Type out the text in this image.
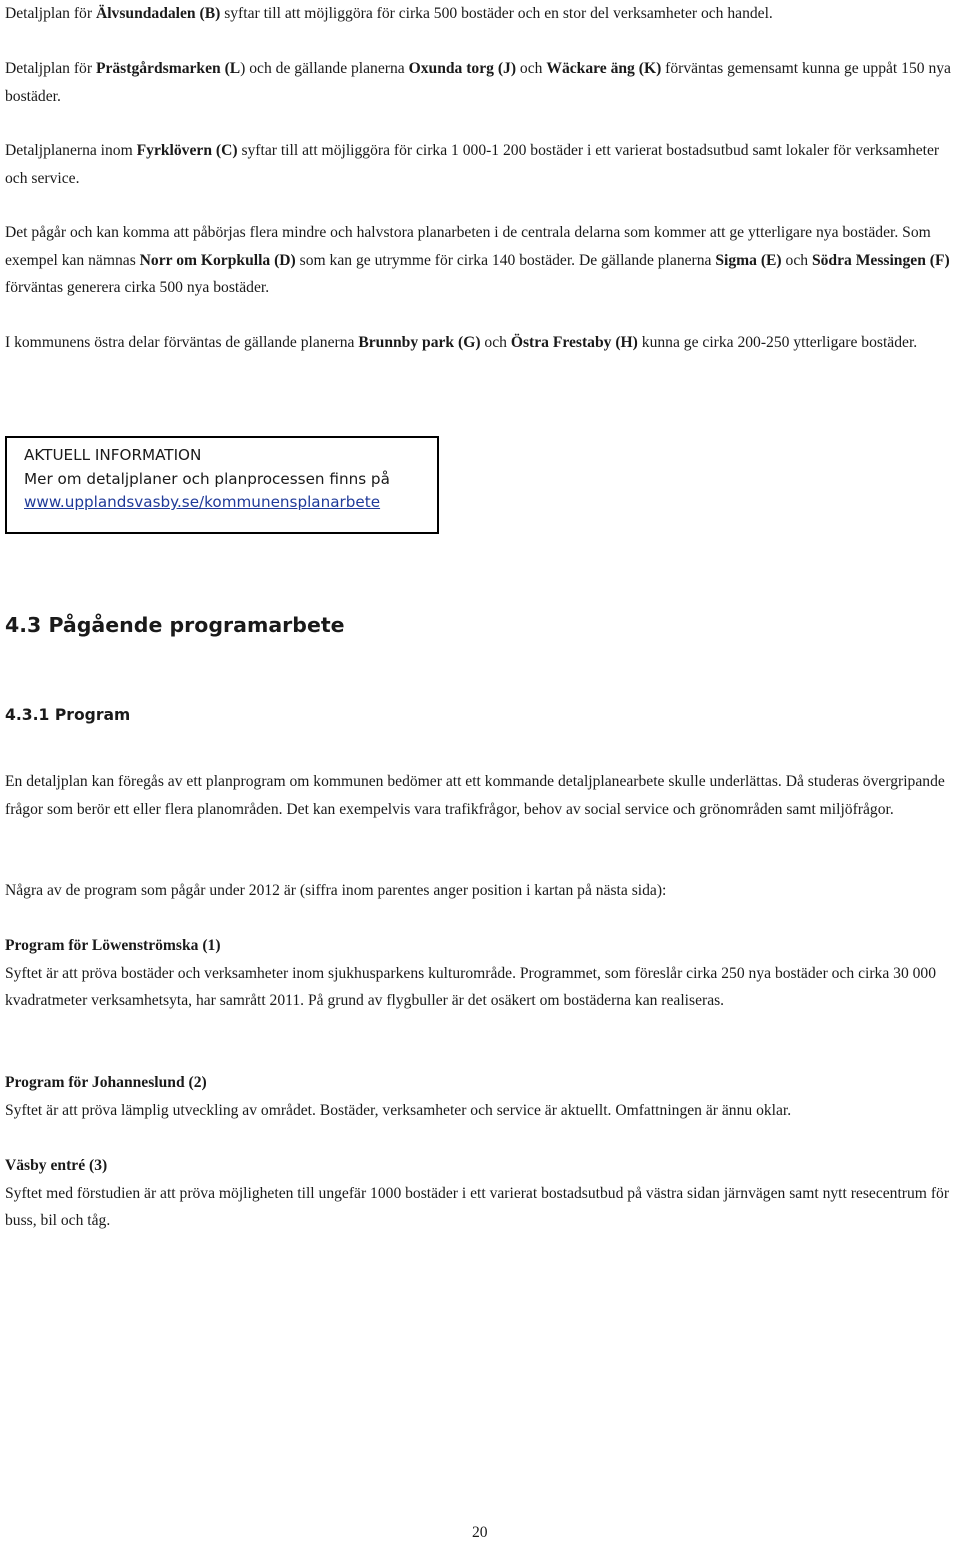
Detaljplan för Älvsundadalen (B) syftar till att möjliggöra för cirka 500 bostäder och en stor del verksamheter och handel.

Detaljplan för Prästgårdsmarken (L) och de gällande planerna Oxunda torg (J) och Wäckare äng (K) förväntas gemensamt kunna ge uppåt 150 nya bostäder.

Detaljplanerna inom Fyrklövern (C) syftar till att möjliggöra för cirka 1 000-1 200 bostäder i ett varierat bostadsutbud samt lokaler för verksamheter och service.

Det pågår och kan komma att påbörjas flera mindre och halvstora planarbeten i de centrala delarna som kommer att ge ytterligare nya bostäder. Som exempel kan nämnas Norr om Korpkulla (D) som kan ge utrymme för cirka 140 bostäder. De gällande planerna Sigma (E) och Södra Messingen (F) förväntas generera cirka 500 nya bostäder.

I kommunens östra delar förväntas de gällande planerna Brunnby park (G) och Östra Frestaby (H) kunna ge cirka 200-250 ytterligare bostäder.

AKTUELL INFORMATION
Mer om detaljplaner och planprocessen finns på
www.upplandsvasby.se/kommunensplanarbete
4.3 Pågående programarbete
4.3.1 Program

En detaljplan kan föregås av ett planprogram om kommunen bedömer att ett kommande detaljplanearbete skulle underlättas. Då studeras övergripande frågor som berör ett eller flera planområden. Det kan exempelvis vara trafikfrågor, behov av social service och grönområden samt miljöfrågor.

Några av de program som pågår under 2012 är (siffra inom parentes anger position i kartan på nästa sida):

Program för Löwenströmska (1)
Syftet är att pröva bostäder och verksamheter inom sjukhusparkens kulturområde. Programmet, som föreslår cirka 250 nya bostäder och cirka 30 000 kvadratmeter verksamhetsyta, har samrått 2011. På grund av flygbuller är det osäkert om bostäderna kan realiseras.
Program för Johanneslund (2)
Syftet är att pröva lämplig utveckling av området. Bostäder, verksamheter och service är aktuellt. Omfattningen är ännu oklar.
Väsby entré (3)
Syftet med förstudien är att pröva möjligheten till ungefär 1000 bostäder i ett varierat bostadsutbud på västra sidan järnvägen samt nytt resecentrum för buss, bil och tåg.
20
